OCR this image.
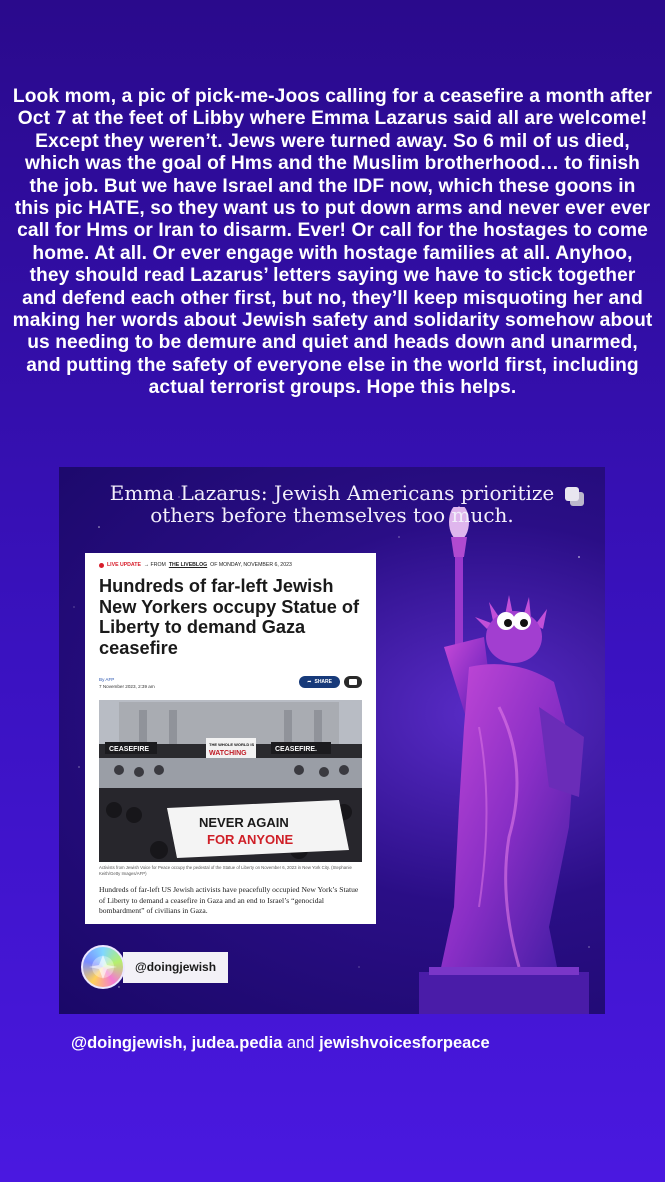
Look mom, a pic of pick-me-Joos calling for a ceasefire a month after Oct 7 at the feet of Libby where Emma Lazarus said all are welcome! Except they weren’t. Jews were turned away. So 6 mil of us died, which was the goal of Hms and the Muslim brotherhood… to finish the job. But we have Israel and the IDF now, which these goons in this pic HATE, so they want us to put down arms and never ever ever call for Hms or Iran to disarm. Ever! Or call for the hostages to come home. At all. Or ever engage with hostage families at all. Anyhoo, they should read Lazarus’ letters saying we have to stick together and defend each other first, but no, they’ll keep misquoting her and making her words about Jewish safety and solidarity somehow about us needing to be demure and quiet and heads down and unarmed, and putting the safety of everyone else in the world first, including actual terrorist groups. Hope this helps.
Emma Lazarus: Jewish Americans prioritize others before themselves too much.
LIVE UPDATE → FROM THE LIVEBLOG OF MONDAY, NOVEMBER 6, 2023
Hundreds of far-left Jewish New Yorkers occupy Statue of Liberty to demand Gaza ceasefire
By AFP
7 November 2023, 2:39 am
➦ SHARE
CEASEFIRE
THE WHOLE WORLD IS
WATCHING
CEASEFIRE.
NEVER AGAIN
FOR ANYONE
Activists from Jewish Voice for Peace occupy the pedestal of the Statue of Liberty on November 6, 2023 in New York City. (Stephanie Keith/Getty Images/AFP)
Hundreds of far-left US Jewish activists have peacefully occupied New York’s Statue of Liberty to demand a ceasefire in Gaza and an end to Israel’s “genocidal bombardment” of civilians in Gaza.
@doingjewish
@doingjewish, judea.pedia and jewishvoicesforpeace
